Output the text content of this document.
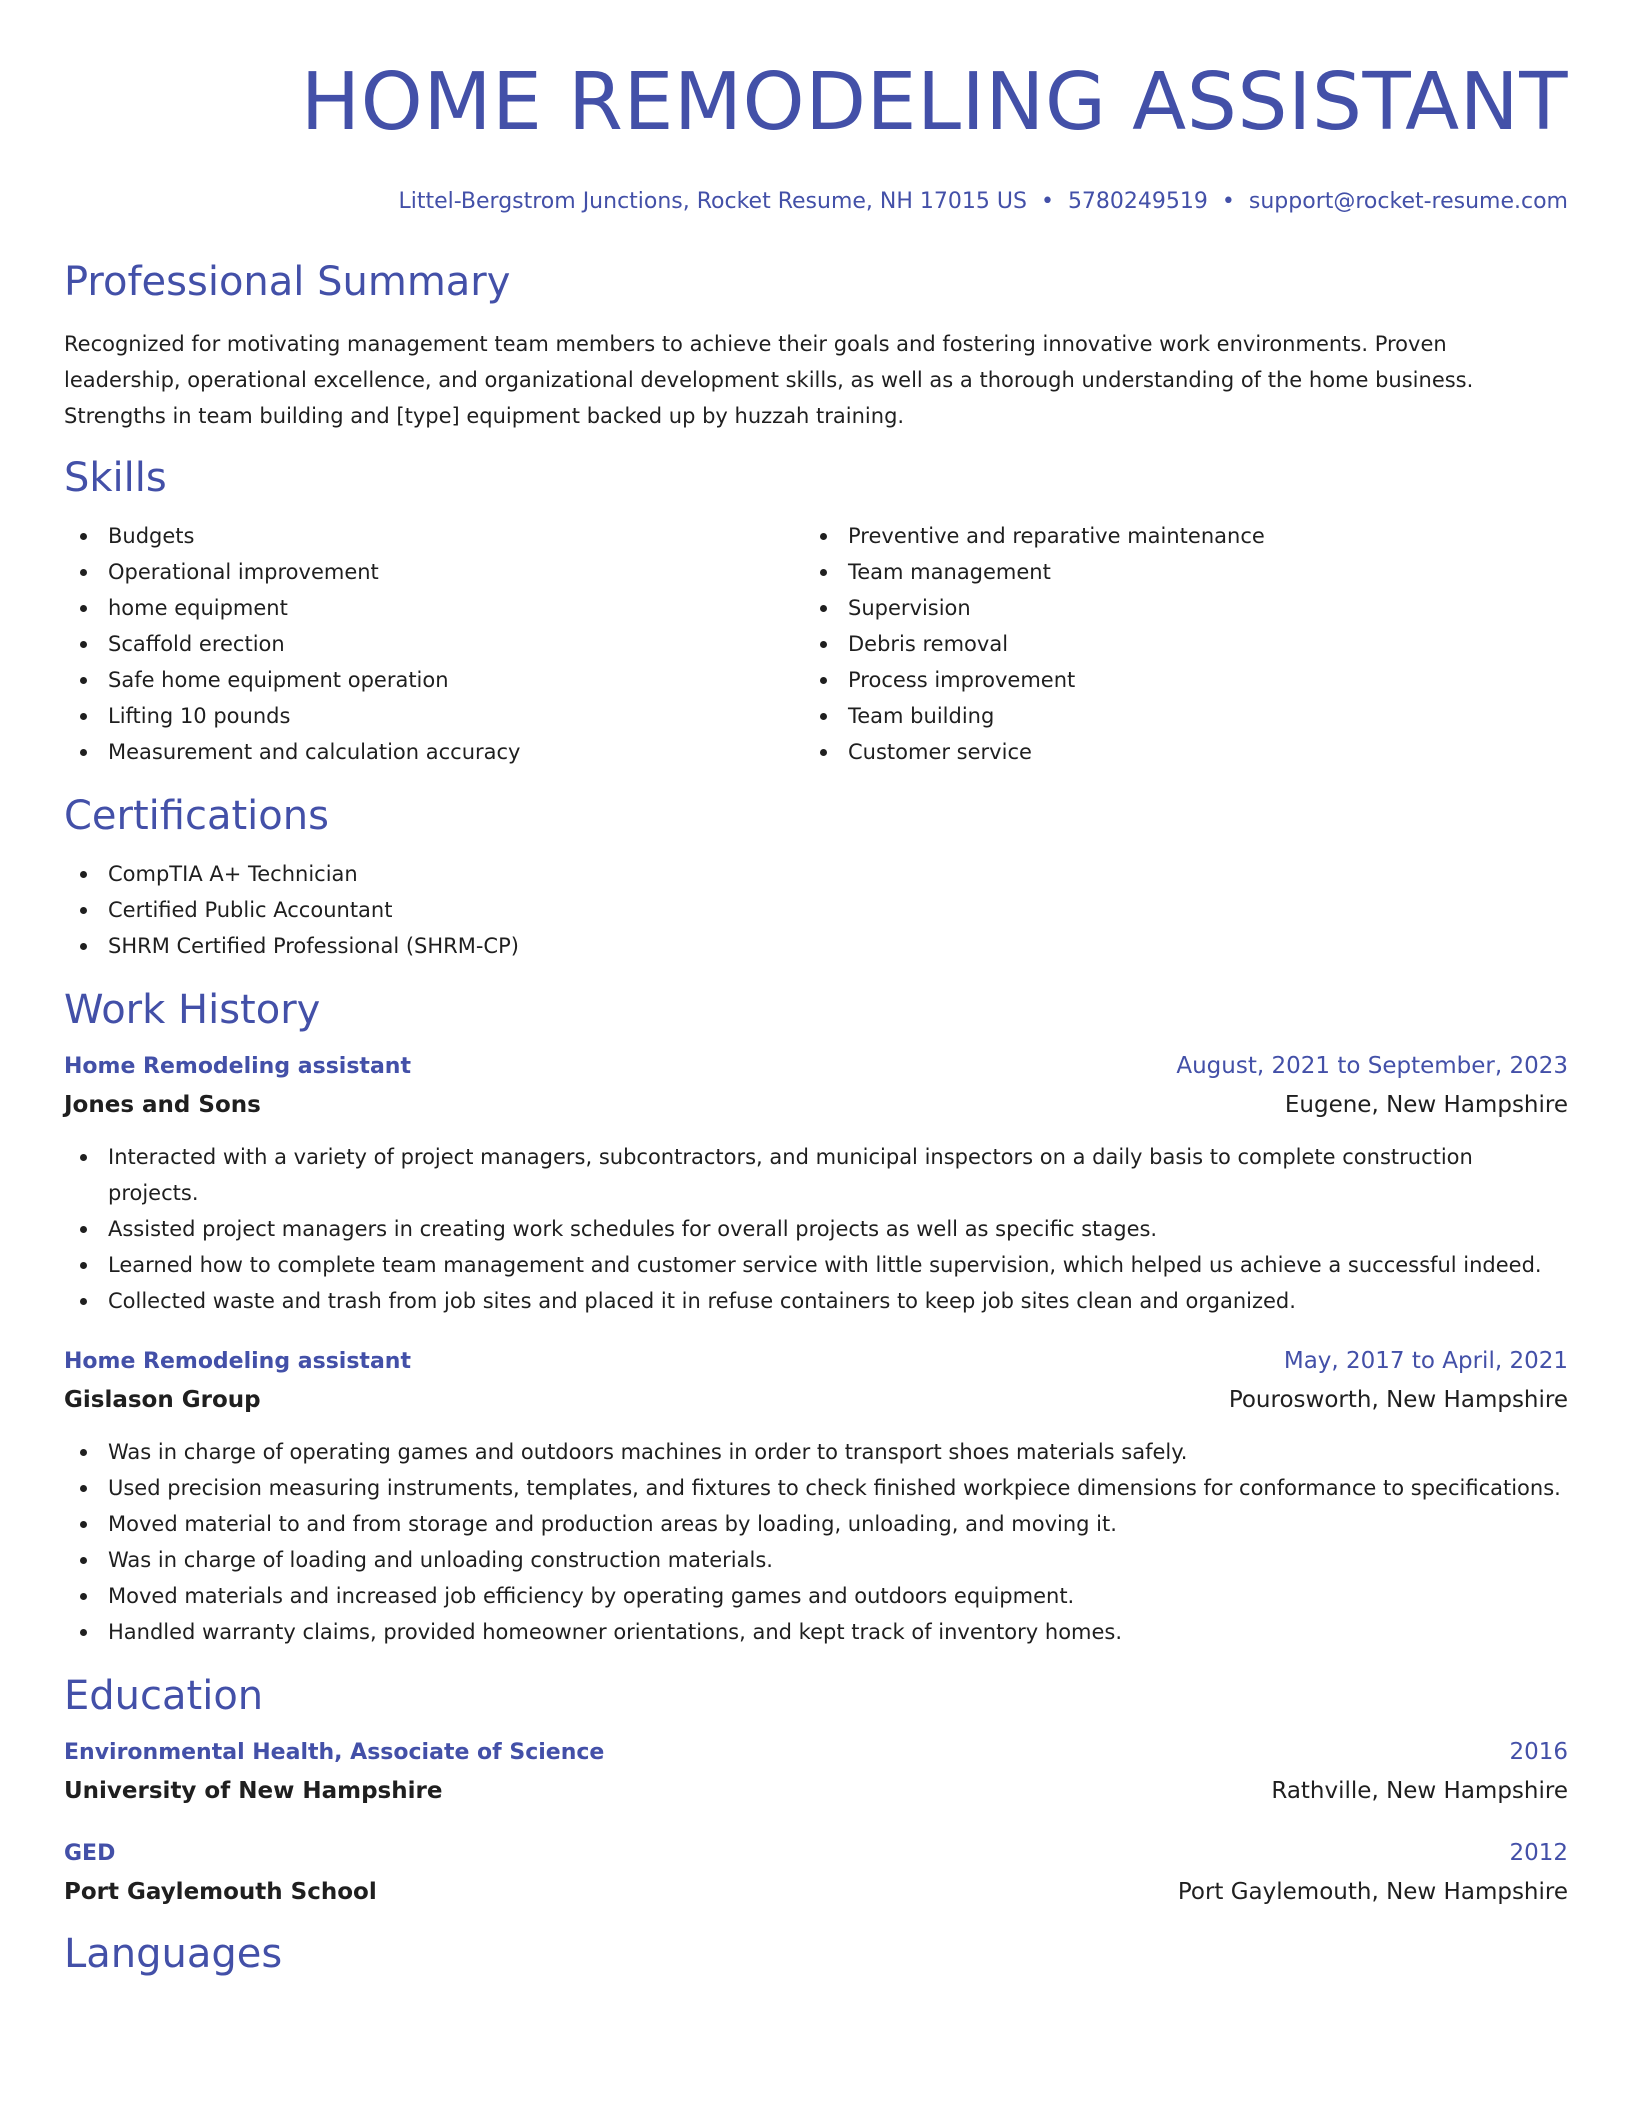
HOME REMODELING ASSISTANT
Littel-Bergstrom Junctions, Rocket Resume, NH 17015 US • 5780249519 • support@rocket-resume.com
Professional Summary

Recognized for motivating management team members to achieve their goals and fostering innovative work environments. Proven leadership, operational excellence, and organizational development skills, as well as a thorough understanding of the home business. Strengths in team building and [type] equipment backed up by huzzah training.

Skills
Budgets
Operational improvement
home equipment
Scaffold erection
Safe home equipment operation
Lifting 10 pounds
Measurement and calculation accuracy
Preventive and reparative maintenance
Team management
Supervision
Debris removal
Process improvement
Team building
Customer service
Certifications
CompTIA A+ Technician
Certified Public Accountant
SHRM Certified Professional (SHRM-CP)
Work History
Home Remodeling assistant	August, 2021 to September, 2023
Jones and Sons	Eugene, New Hampshire
Interacted with a variety of project managers, subcontractors, and municipal inspectors on a daily basis to complete construction projects.
Assisted project managers in creating work schedules for overall projects as well as specific stages.
Learned how to complete team management and customer service with little supervision, which helped us achieve a successful indeed.
Collected waste and trash from job sites and placed it in refuse containers to keep job sites clean and organized.
Home Remodeling assistant	May, 2017 to April, 2021
Gislason Group	Pourosworth, New Hampshire
Was in charge of operating games and outdoors machines in order to transport shoes materials safely.
Used precision measuring instruments, templates, and fixtures to check finished workpiece dimensions for conformance to specifications.
Moved material to and from storage and production areas by loading, unloading, and moving it.
Was in charge of loading and unloading construction materials.
Moved materials and increased job efficiency by operating games and outdoors equipment.
Handled warranty claims, provided homeowner orientations, and kept track of inventory homes.
Education
Environmental Health, Associate of Science	2016
University of New Hampshire	Rathville, New Hampshire
GED	2012
Port Gaylemouth School	Port Gaylemouth, New Hampshire
Languages
